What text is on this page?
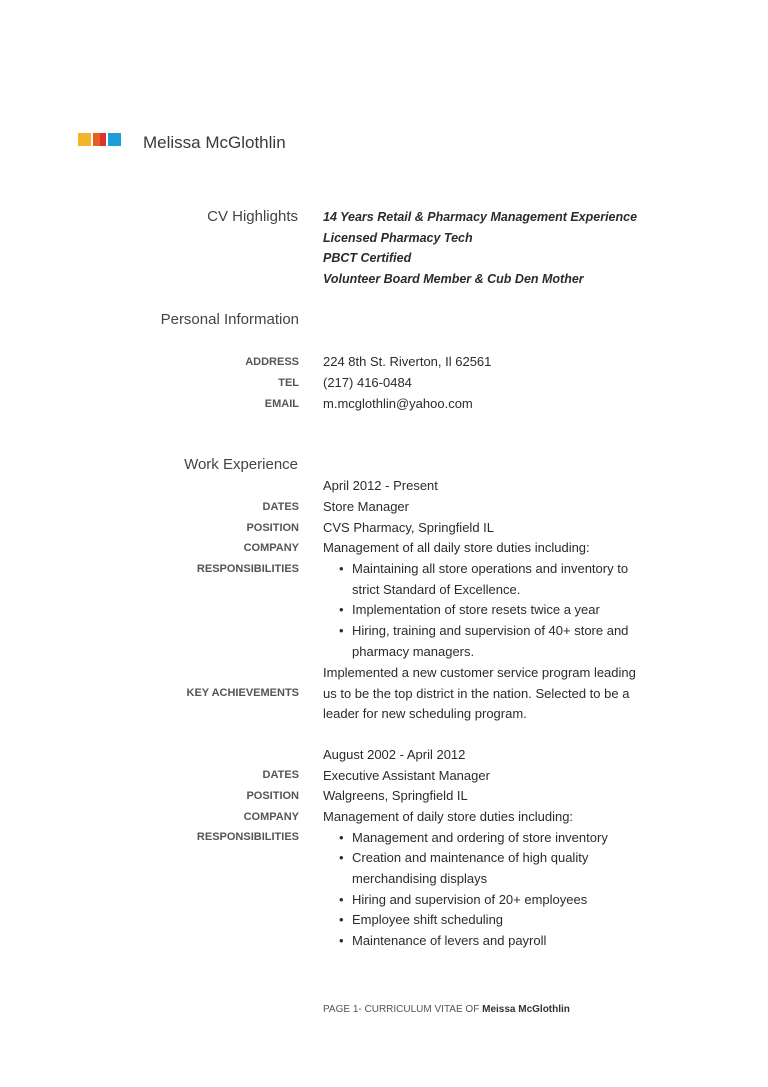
Melissa McGlothlin
CV Highlights 14 Years Retail & Pharmacy Management Experience
Licensed Pharmacy Tech
PBCT Certified
Volunteer Board Member & Cub Den Mother
Personal Information
ADDRESS 224 8th St. Riverton, Il 62561
TEL (217) 416-0484
EMAIL m.mcglothlin@yahoo.com
Work Experience
April 2012 - Present
DATES Store Manager
POSITION CVS Pharmacy, Springfield IL
COMPANY Management of all daily store duties including:
RESPONSIBILITIES	• Maintaining all store operations and inventory to
strict Standard of Excellence.
• Implementation of store resets twice a year
• Hiring, training and supervision of 40+ store and
pharmacy managers.
Implemented a new customer service program leading
KEY ACHIEVEMENTS us to be the top district in the nation. Selected to be a
leader for new scheduling program.
August 2002 - April 2012
DATES Executive Assistant Manager
POSITION Walgreens, Springfield IL
COMPANY Management of daily store duties including:
RESPONSIBILITIES	• Management and ordering of store inventory
• Creation and maintenance of high quality
merchandising displays
• Hiring and supervision of 20+ employees
• Employee shift scheduling
• Maintenance of levers and payroll
PAGE 1- CURRICULUM VITAE OF Meissa McGlothlin
